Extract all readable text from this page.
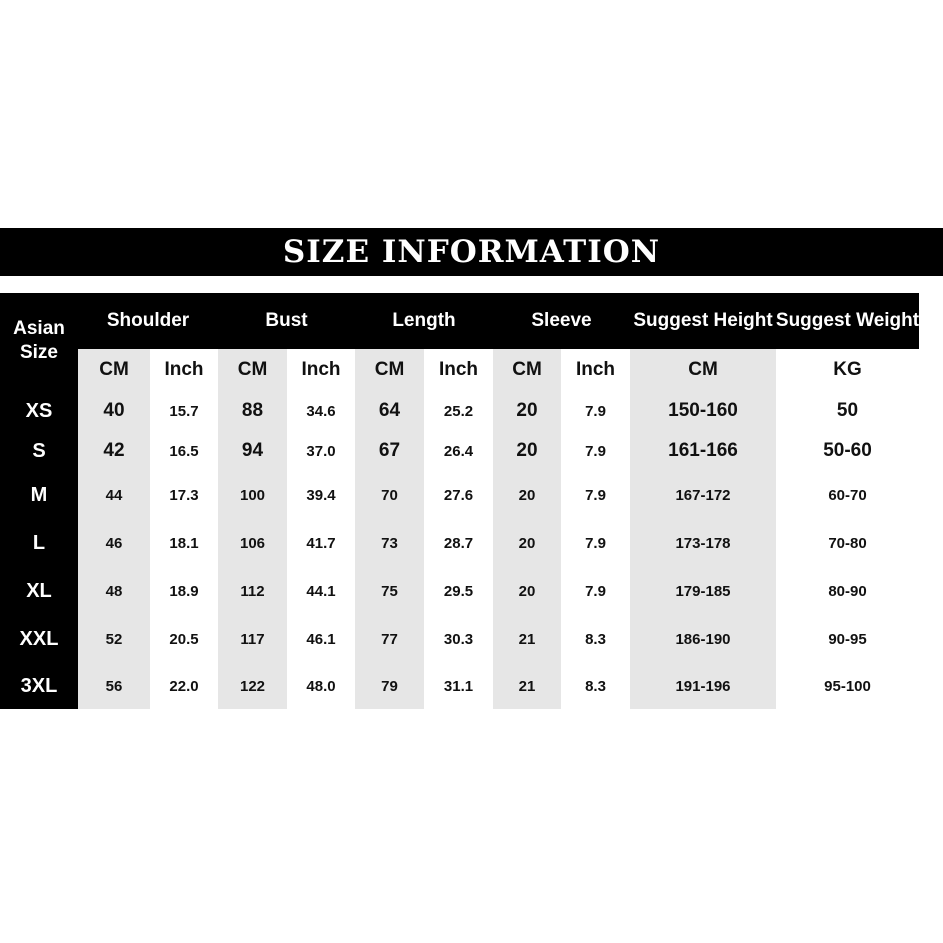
SIZE INFORMATION
Asian
Size
Shoulder	Bust	Length	Sleeve	Suggest Height Suggest Weight
CM	Inch	CM	Inch	CM	Inch	CM	Inch	CM	KG
XS	40	15.7	88	34.6	64	25.2	20	7.9	150-160	50
S	42	16.5	94	37.0	67	26.4	20	7.9	161-166	50-60
M	44	17.3	100	39.4	70	27.6	20	7.9	167-172	60-70
L	46	18.1	106	41.7	73	28.7	20	7.9	173-178	70-80
XL	48	18.9	112	44.1	75	29.5	20	7.9	179-185	80-90
XXL	52	20.5	117	46.1	77	30.3	21	8.3	186-190	90-95
3XL	56	22.0	122	48.0	79	31.1	21	8.3	191-196	95-100
